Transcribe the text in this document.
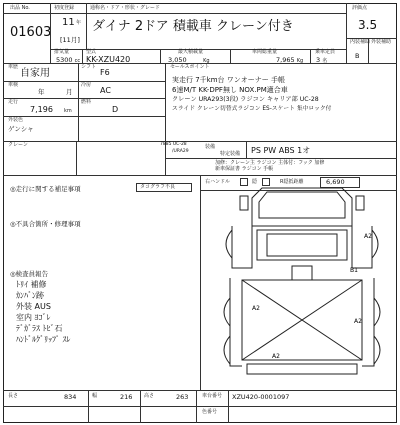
出品 No.
01603
初度登録
11 年
[11月]
通称名・ドア・形状・グレード
ダイナ 2ドア 積載車 クレーン付き
評価点
3.5
内装補助 外装補助
B
排気量
5300 cc
型式
KK-XZU420
最大積載量
3,050	Kg
車両総重量
7,965 Kg
乗車定員
3 名
車歴
自家用
シフト
F6
車検
年	月
冷房
AC
走行
7,196 km
燃料
D
外装色
ゲンシャ
セールスポイント
実走行 7千km台 ワンオーナー 手帳
6速M/T KK-DPF無し NOX.PM適合車
クレーン URA293(3段) ラジコン キャリア部 UC-28
スライド クレーン切替式ラジコン ES-スケート 集中ロック付
クレーン	7885 UC-28
/URA29
装備
特定装備 PS PW ABS 1オ
加修：クレーン主 ラジコン 主体付：フック 加修
新車保証書 ラジコン 手帳
右ハンドル	隠	R隠抵距離	6,690
◎走行に関する補足事項	タコグラフ不良
◎不具合箇所・修理事項
◎検査員報告
ﾄﾘｲ 補修
ｶﾝﾊﾞﾝ跡
外装 AUS
室内 ﾖｺﾞﾚ
ﾃﾞｶﾞﾗｽ ﾄﾋﾞ石
ﾊﾝﾄﾞﾙｸﾞﾘｯﾌﾟ ｽﾚ
A2
B1
A2
A2
A2
長さ	834	幅	216 高さ	263	車台番号 XZU420-0001097
色番号
